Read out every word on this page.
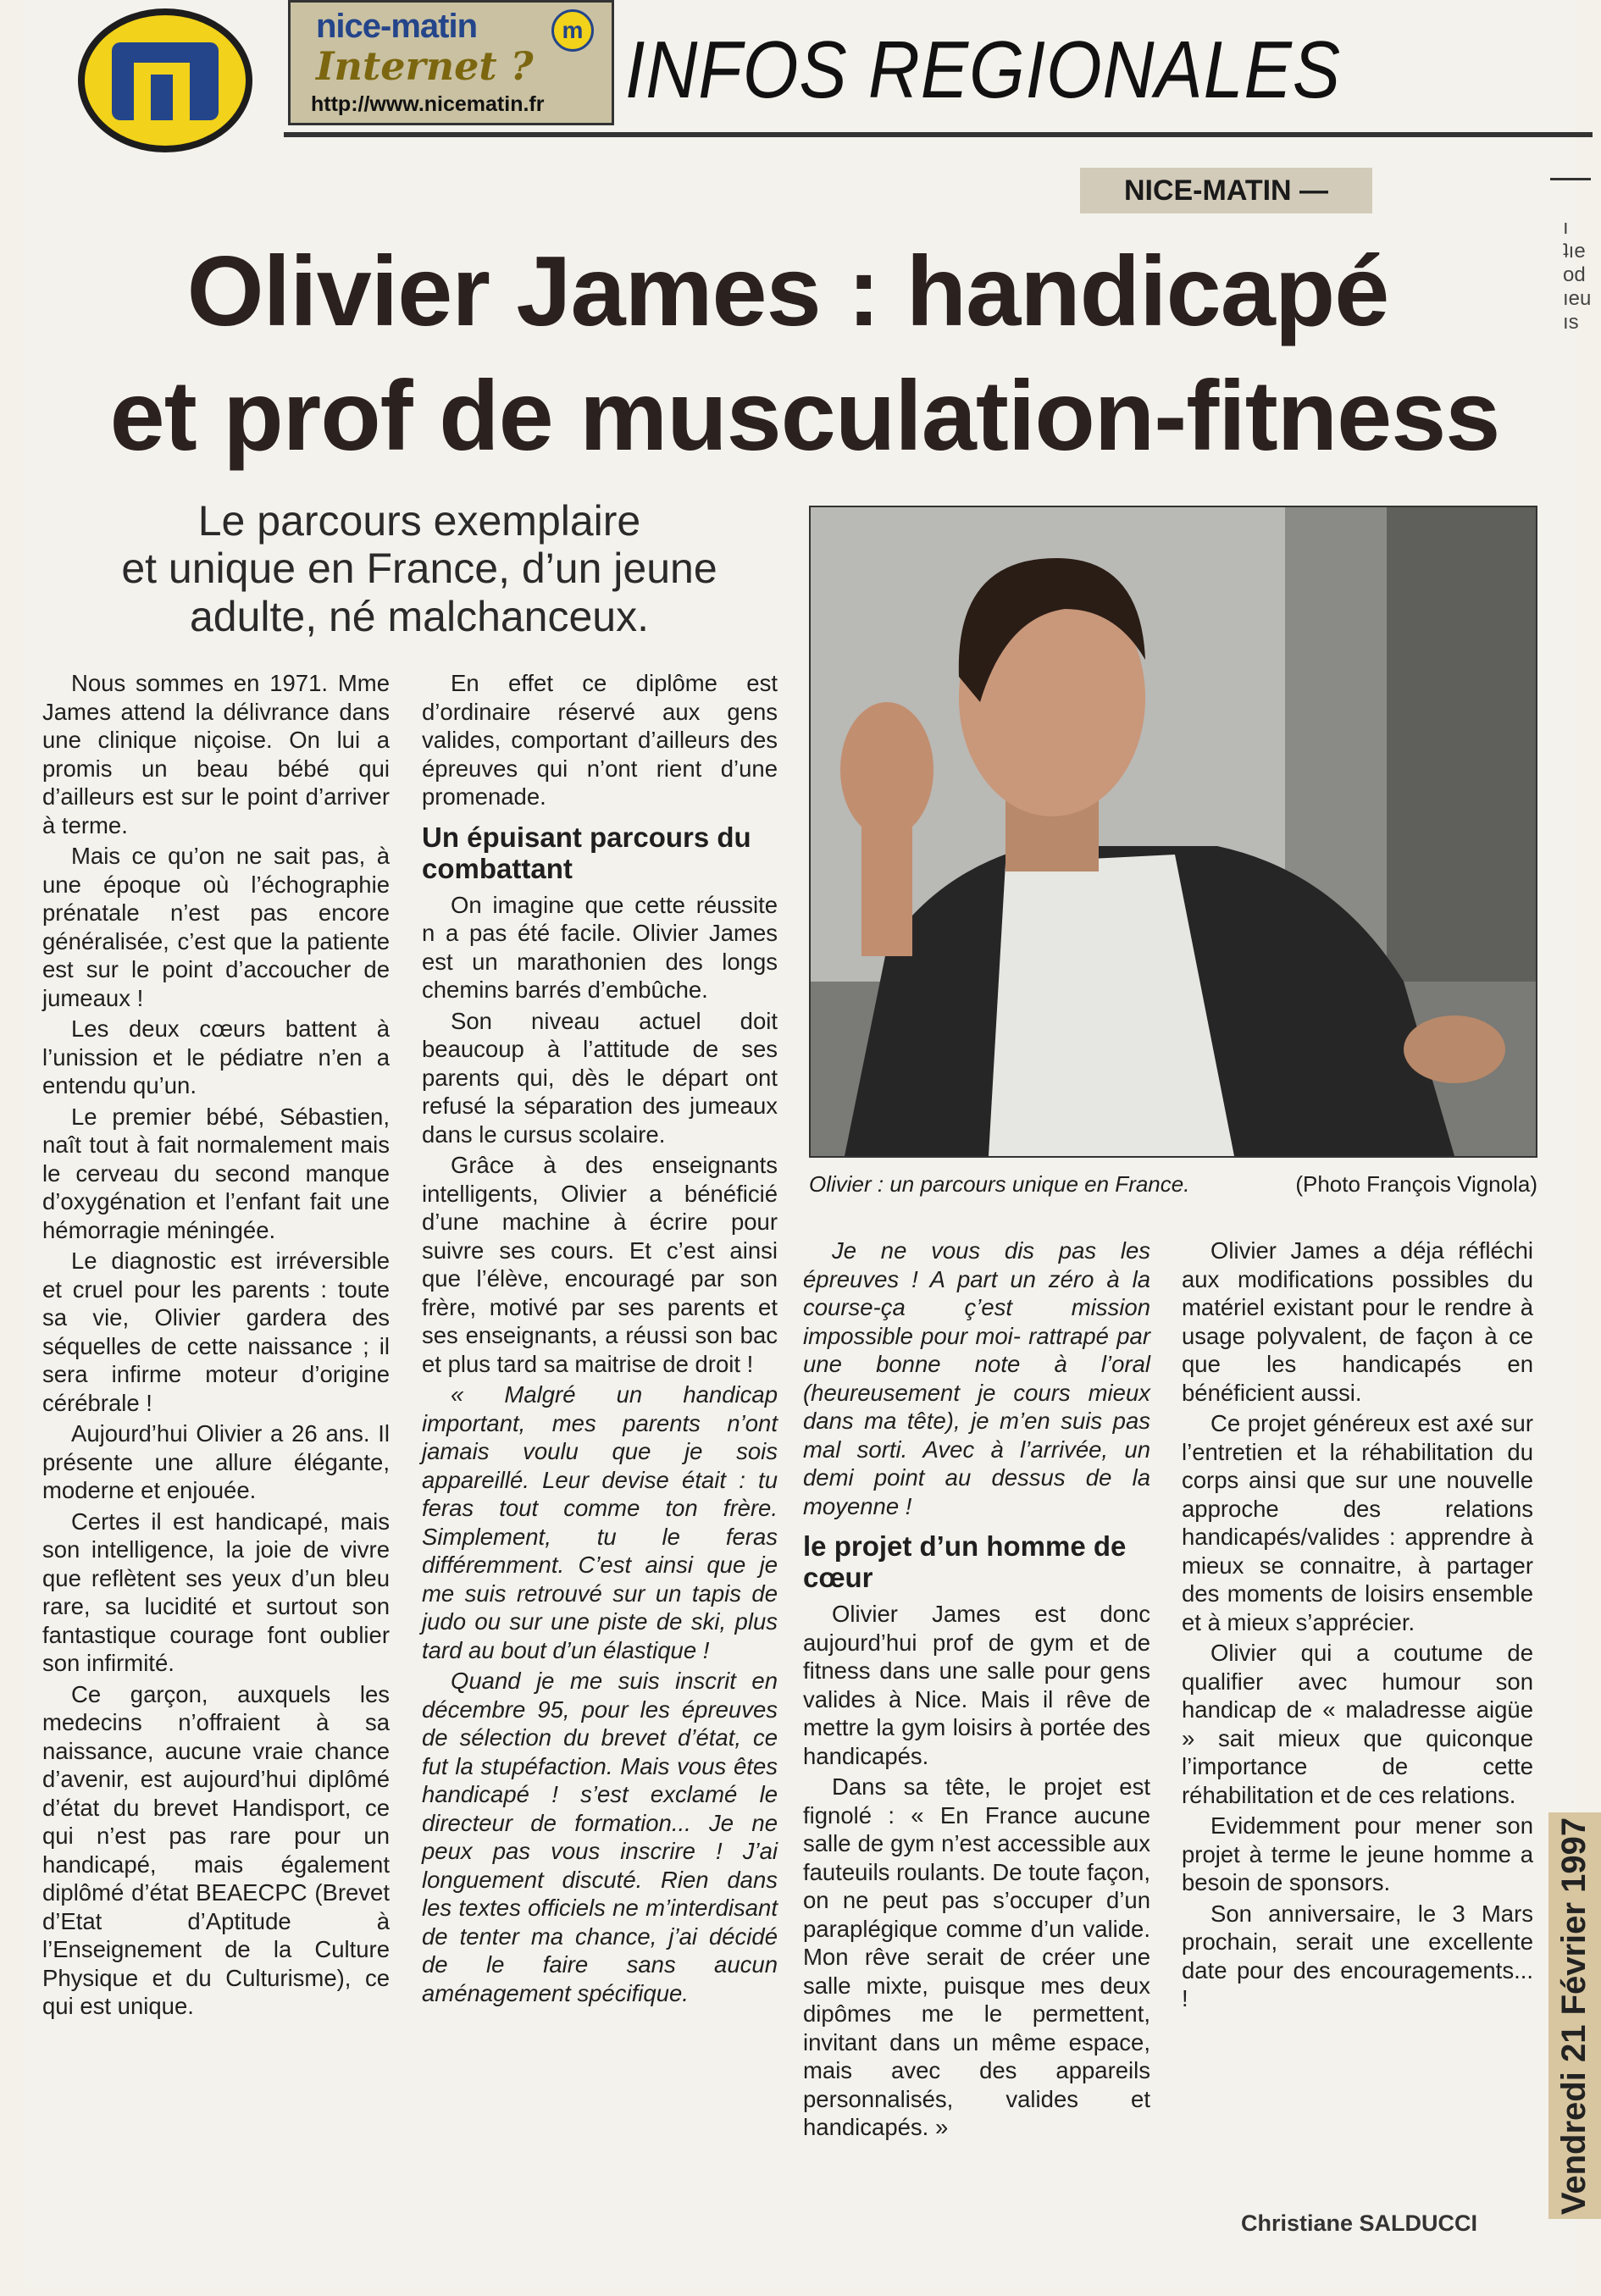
nice-matin	m
Internet ?
http://www.nicematin.fr INFOS REGIONALES
NICE-MATIN —
ı ʇıe
od
ıeu
ıs
Olivier James : handicapé
et prof de musculation-fitness
Le parcours exemplaire
et unique en France, d’un jeune
adulte, né malchanceux.
Olivier : un parcours unique en France.	(Photo François Vignola)

Nous sommes en 1971. Mme James attend la délivrance dans une clinique niçoise. On lui a promis un beau bébé qui d’ailleurs est sur le point d’arriver à terme.

Mais ce qu’on ne sait pas, à une époque où l’échographie prénatale n’est pas encore généralisée, c’est que la patiente est sur le point d’accoucher de jumeaux !

Les deux cœurs battent à l’unission et le pédiatre n’en a entendu qu’un.

Le premier bébé, Sébastien, naît tout à fait normalement mais le cerveau du second manque d’oxygénation et l’enfant fait une hémorragie méningée.

Le diagnostic est irréversible et cruel pour les parents : toute sa vie, Olivier gardera des séquelles de cette naissance ; il sera infirme moteur d’origine cérébrale !

Aujourd’hui Olivier a 26 ans. Il présente une allure élégante, moderne et enjouée.

Certes il est handicapé, mais son intelligence, la joie de vivre que reflètent ses yeux d’un bleu rare, sa lucidité et surtout son fantastique courage font oublier son infirmité.

Ce garçon, auxquels les medecins n’offraient à sa naissance, aucune vraie chance d’avenir, est aujourd’hui diplômé d’état du brevet Handisport, ce qui n’est pas rare pour un handicapé, mais également diplômé d’état BEAECPC (Brevet d’Etat d’Aptitude à l’Enseignement de la Culture Physique et du Culturisme), ce qui est unique.

En effet ce diplôme est d’ordinaire réservé aux gens valides, comportant d’ailleurs des épreuves qui n’ont rient d’une promenade.

Un épuisant parcours du combattant

On imagine que cette réussite n a pas été facile. Olivier James est un marathonien des longs chemins barrés d’embûche.

Son niveau actuel doit beaucoup à l’attitude de ses parents qui, dès le départ ont refusé la séparation des jumeaux dans le cursus scolaire.

Grâce à des enseignants intelligents, Olivier a bénéficié d’une machine à écrire pour suivre ses cours. Et c’est ainsi que l’élève, encouragé par son frère, motivé par ses parents et ses enseignants, a réussi son bac et plus tard sa maitrise de droit !

« Malgré un handicap important, mes parents n’ont jamais voulu que je sois appareillé. Leur devise était : tu feras tout comme ton frère. Simplement, tu le feras différemment. C’est ainsi que je me suis retrouvé sur un tapis de judo ou sur une piste de ski, plus tard au bout d’un élastique !

Quand je me suis inscrit en décembre 95, pour les épreuves de sélection du brevet d’état, ce fut la stupéfaction. Mais vous êtes handicapé ! s’est exclamé le directeur de formation... Je ne peux pas vous inscrire ! J’ai longuement discuté. Rien dans les textes officiels ne m’interdisant de tenter ma chance, j’ai décidé de le faire sans aucun aménagement spécifique.

Je ne vous dis pas les épreuves ! A part un zéro à la course-ça ç’est mission impossible pour moi- rattrapé par une bonne note à l’oral (heureusement je cours mieux dans ma tête), je m’en suis pas mal sorti. Avec à l’arrivée, un demi point au dessus de la moyenne !

le projet d’un homme de cœur

Olivier James est donc aujourd’hui prof de gym et de fitness dans une salle pour gens valides à Nice. Mais il rêve de mettre la gym loisirs à portée des handicapés.

Dans sa tête, le projet est fignolé : « En France aucune salle de gym n’est accessible aux fauteuils roulants. De toute façon, on ne peut pas s’occuper d’un paraplégique comme d’un valide. Mon rêve serait de créer une salle mixte, puisque mes deux dipômes me le permettent, invitant dans un même espace, mais avec des appareils personnalisés, valides et handicapés. »

Olivier James a déja réfléchi aux modifications possibles du matériel existant pour le rendre à usage polyvalent, de façon à ce que les handicapés en bénéficient aussi.

Ce projet généreux est axé sur l’entretien et la réhabilitation du corps ainsi que sur une nouvelle approche des relations handicapés/valides : apprendre à mieux se connaitre, à partager des moments de loisirs ensemble et à mieux s’apprécier.

Olivier qui a coutume de qualifier avec humour son handicap de « maladresse aigüe » sait mieux que quiconque l’importance de cette réhabilitation et de ces relations.

Evidemment pour mener son projet à terme le jeune homme a besoin de sponsors.

Son anniversaire, le 3 Mars prochain, serait une excellente date pour des encouragements... !

Christiane SALDUCCI
Vendredi 21 Février 1997
